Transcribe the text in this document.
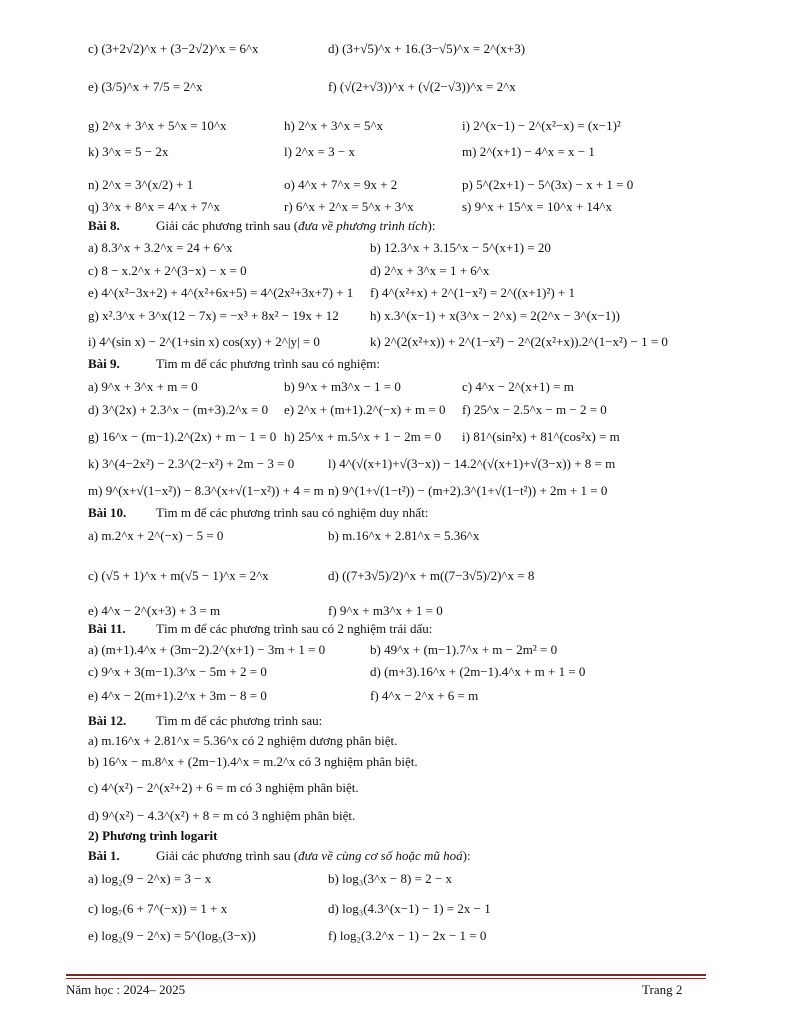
c) (3+2√2)^x + (3−2√2)^x = 6^x	d) (3+√5)^x + 16.(3−√5)^x = 2^(x+3)
e) (3/5)^x + 7/5 = 2^x	f) (√(2+√3))^x + (√(2−√3))^x = 2^x
g) 2^x + 3^x + 5^x = 10^x	h) 2^x + 3^x = 5^x	i) 2^(x−1) − 2^(x²−x) = (x−1)²
k) 3^x = 5 − 2x	l) 2^x = 3 − x	m) 2^(x+1) − 4^x = x − 1
n) 2^x = 3^(x/2) + 1	o) 4^x + 7^x = 9x + 2	p) 5^(2x+1) − 5^(3x) − x + 1 = 0
q) 3^x + 8^x = 4^x + 7^x	r) 6^x + 2^x = 5^x + 3^x	s) 9^x + 15^x = 10^x + 14^x
Bài 8.	Giải các phương trình sau (đưa về phương trình tích):
a) 8.3^x + 3.2^x = 24 + 6^x	b) 12.3^x + 3.15^x − 5^(x+1) = 20
c) 8 − x.2^x + 2^(3−x) − x = 0	d) 2^x + 3^x = 1 + 6^x
e) 4^(x²−3x+2) + 4^(x²+6x+5) = 4^(2x²+3x+7) + 1 f) 4^(x²+x) + 2^(1−x²) = 2^((x+1)²) + 1
g) x².3^x + 3^x(12 − 7x) = −x³ + 8x² − 19x + 12 h) x.3^(x−1) + x(3^x − 2^x) = 2(2^x − 3^(x−1))
i) 4^(sin x) − 2^(1+sin x) cos(xy) + 2^|y| = 0	k) 2^(2(x²+x)) + 2^(1−x²) − 2^(2(x²+x)).2^(1−x²) − 1 = 0
Bài 9.	Tìm m để các phương trình sau có nghiệm:
a) 9^x + 3^x + m = 0	b) 9^x + m3^x − 1 = 0	c) 4^x − 2^(x+1) = m
d) 3^(2x) + 2.3^x − (m+3).2^x = 0 e) 2^x + (m+1).2^(−x) + m = 0 f) 25^x − 2.5^x − m − 2 = 0
g) 16^x − (m−1).2^(2x) + m − 1 = 0 h) 25^x + m.5^x + 1 − 2m = 0 i) 81^(sin²x) + 81^(cos²x) = m
k) 3^(4−2x²) − 2.3^(2−x²) + 2m − 3 = 0	l) 4^(√(x+1)+√(3−x)) − 14.2^(√(x+1)+√(3−x)) + 8 = m
m) 9^(x+√(1−x²)) − 8.3^(x+√(1−x²)) + 4 = m n) 9^(1+√(1−t²)) − (m+2).3^(1+√(1−t²)) + 2m + 1 = 0
Bài 10. Tìm m để các phương trình sau có nghiệm duy nhất:
a) m.2^x + 2^(−x) − 5 = 0	b) m.16^x + 2.81^x = 5.36^x
c) (√5 + 1)^x + m(√5 − 1)^x = 2^x	d) ((7+3√5)/2)^x + m((7−3√5)/2)^x = 8
e) 4^x − 2^(x+3) + 3 = m	f) 9^x + m3^x + 1 = 0
Bài 11. Tìm m để các phương trình sau có 2 nghiệm trái dấu:
a) (m+1).4^x + (3m−2).2^(x+1) − 3m + 1 = 0	b) 49^x + (m−1).7^x + m − 2m² = 0
c) 9^x + 3(m−1).3^x − 5m + 2 = 0	d) (m+3).16^x + (2m−1).4^x + m + 1 = 0
e) 4^x − 2(m+1).2^x + 3m − 8 = 0	f) 4^x − 2^x + 6 = m
Bài 12. Tìm m để các phương trình sau:
a) m.16^x + 2.81^x = 5.36^x có 2 nghiệm dương phân biệt.
b) 16^x − m.8^x + (2m−1).4^x = m.2^x có 3 nghiệm phân biệt.
c) 4^(x²) − 2^(x²+2) + 6 = m có 3 nghiệm phân biệt.
d) 9^(x²) − 4.3^(x²) + 8 = m có 3 nghiệm phân biệt.
2) Phương trình logarit
Bài 1.	Giải các phương trình sau (đưa về cùng cơ số hoặc mũ hoá):
a) log₂(9 − 2^x) = 3 − x	b) log₃(3^x − 8) = 2 − x
c) log₇(6 + 7^(−x)) = 1 + x	d) log₃(4.3^(x−1) − 1) = 2x − 1
e) log₂(9 − 2^x) = 5^(log₅(3−x))	f) log₂(3.2^x − 1) − 2x − 1 = 0
Năm học : 2024– 2025	Trang 2
